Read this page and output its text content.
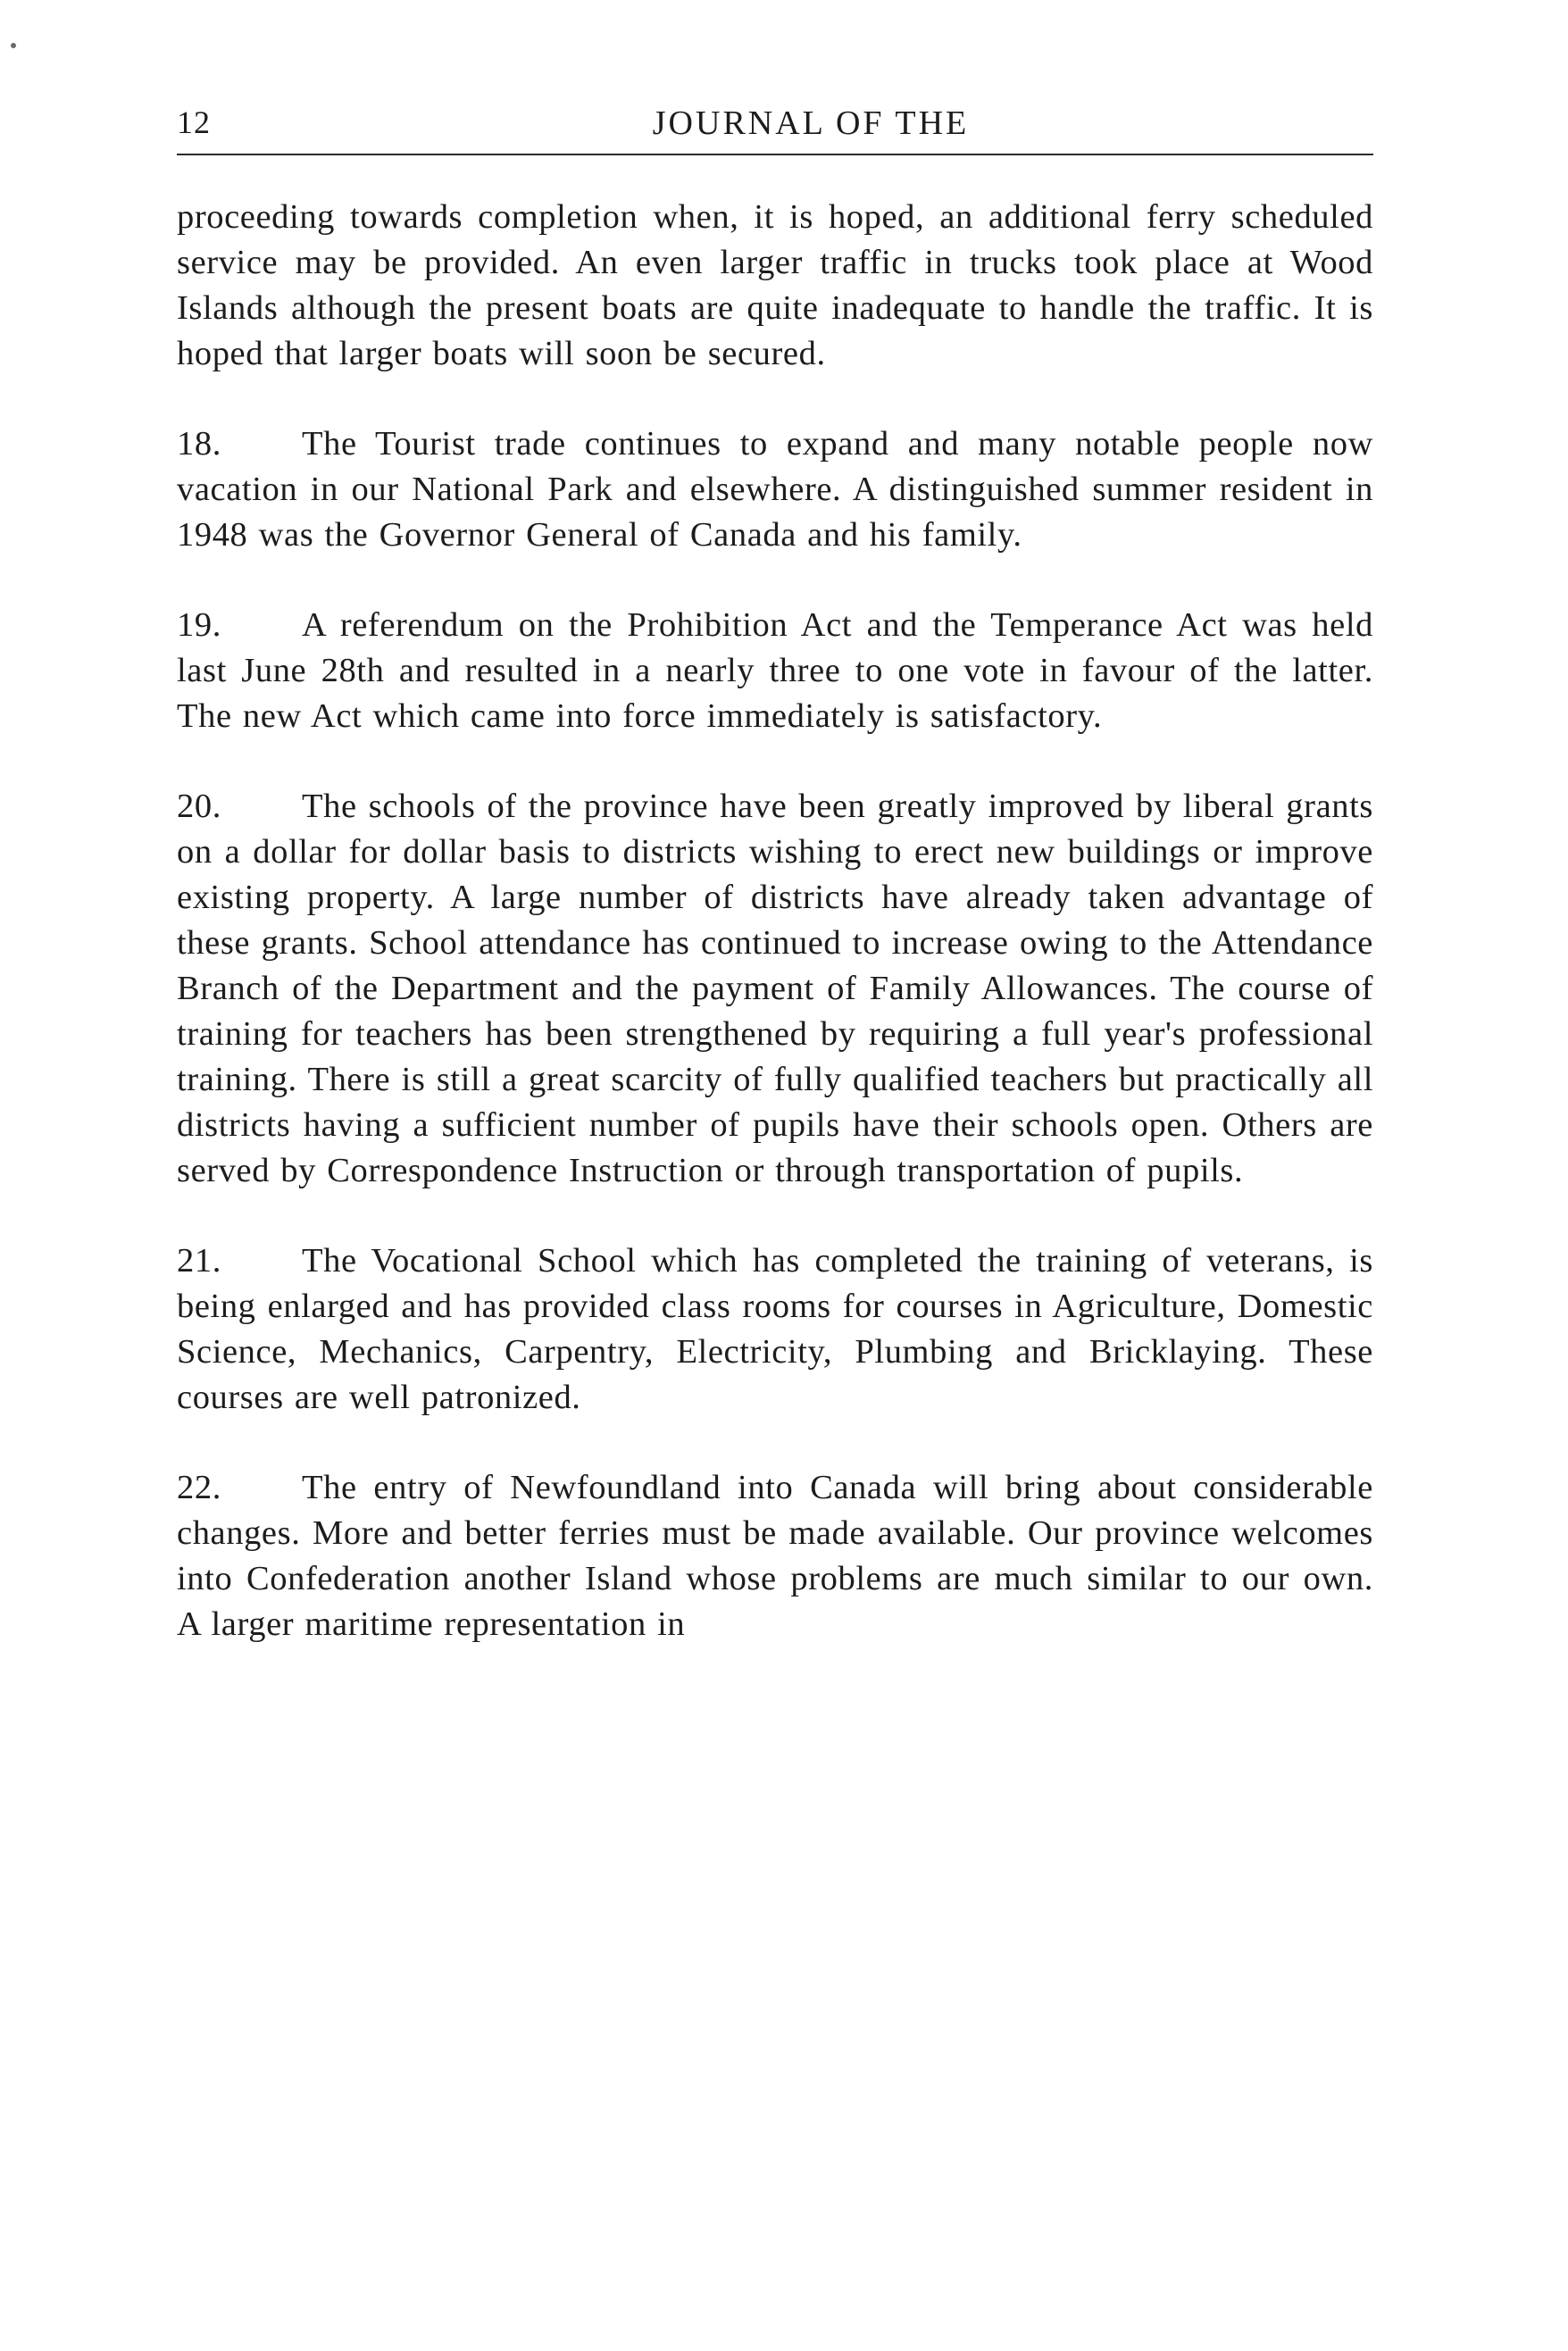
12	JOURNAL OF THE

proceeding towards completion when, it is hoped, an additional ferry scheduled service may be provided. An even larger traffic in trucks took place at Wood Islands although the present boats are quite inadequate to handle the traffic. It is hoped that larger boats will soon be secured.

18. The Tourist trade continues to expand and many notable people now vacation in our National Park and elsewhere. A distinguished summer resident in 1948 was the Governor General of Canada and his family.

19. A referendum on the Prohibition Act and the Temperance Act was held last June 28th and resulted in a nearly three to one vote in favour of the latter. The new Act which came into force immediately is satisfactory.

20. The schools of the province have been greatly improved by liberal grants on a dollar for dollar basis to districts wishing to erect new buildings or improve existing property. A large number of districts have already taken advantage of these grants. School attendance has continued to increase owing to the Attendance Branch of the Department and the payment of Family Allowances. The course of training for teachers has been strengthened by requiring a full year's professional training. There is still a great scarcity of fully qualified teachers but practically all districts having a sufficient number of pupils have their schools open. Others are served by Correspondence Instruction or through transportation of pupils.

21. The Vocational School which has completed the training of veterans, is being enlarged and has provided class rooms for courses in Agriculture, Domestic Science, Mechanics, Carpentry, Electricity, Plumbing and Bricklaying. These courses are well patronized.

22. The entry of Newfoundland into Canada will bring about considerable changes. More and better ferries must be made available. Our province welcomes into Confederation another Island whose problems are much similar to our own. A larger maritime representation in
